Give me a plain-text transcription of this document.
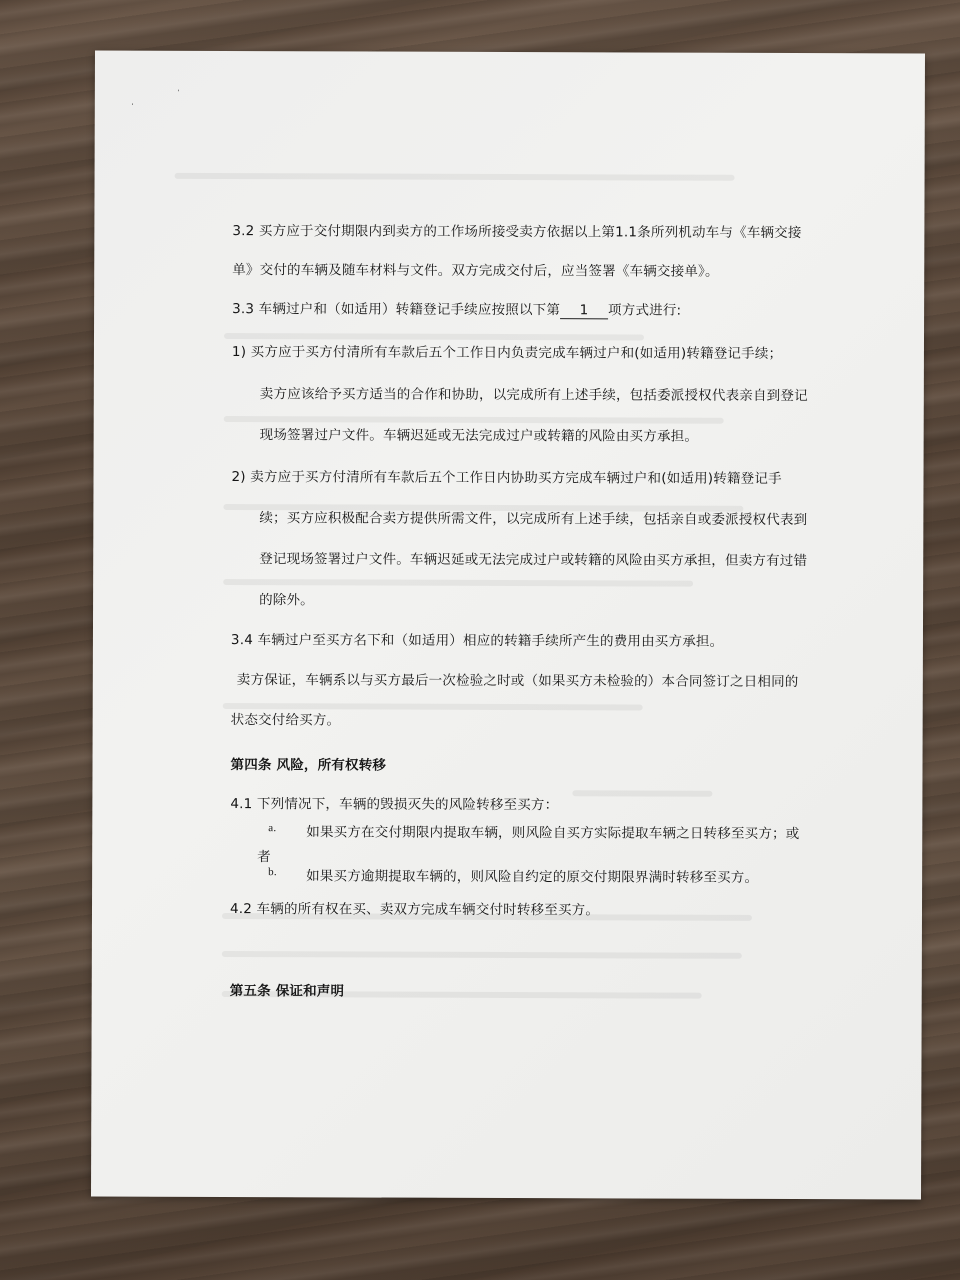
ˈ
ˈ
3.2 买方应于交付期限内到卖方的工作场所接受卖方依据以上第1.1条所列机动车与《车辆交接
单》交付的车辆及随车材料与文件。双方完成交付后，应当签署《车辆交接单》。
3.3 车辆过户和（如适用）转籍登记手续应按照以下第 1 项方式进行:
1) 买方应于买方付清所有车款后五个工作日内负责完成车辆过户和(如适用)转籍登记手续；
卖方应该给予买方适当的合作和协助，以完成所有上述手续，包括委派授权代表亲自到登记
现场签署过户文件。车辆迟延或无法完成过户或转籍的风险由买方承担。
2) 卖方应于买方付清所有车款后五个工作日内协助买方完成车辆过户和(如适用)转籍登记手
续；买方应积极配合卖方提供所需文件，以完成所有上述手续，包括亲自或委派授权代表到
登记现场签署过户文件。车辆迟延或无法完成过户或转籍的风险由买方承担，但卖方有过错
的除外。
3.4 车辆过户至买方名下和（如适用）相应的转籍手续所产生的费用由买方承担。
卖方保证，车辆系以与买方最后一次检验之时或（如果买方未检验的）本合同签订之日相同的
状态交付给买方。
第四条 风险，所有权转移
4.1 下列情况下，车辆的毁损灭失的风险转移至买方：
a. 如果买方在交付期限内提取车辆，则风险自买方实际提取车辆之日转移至买方；或
者
b. 如果买方逾期提取车辆的，则风险自约定的原交付期限界满时转移至买方。
4.2 车辆的所有权在买、卖双方完成车辆交付时转移至买方。
第五条 保证和声明
